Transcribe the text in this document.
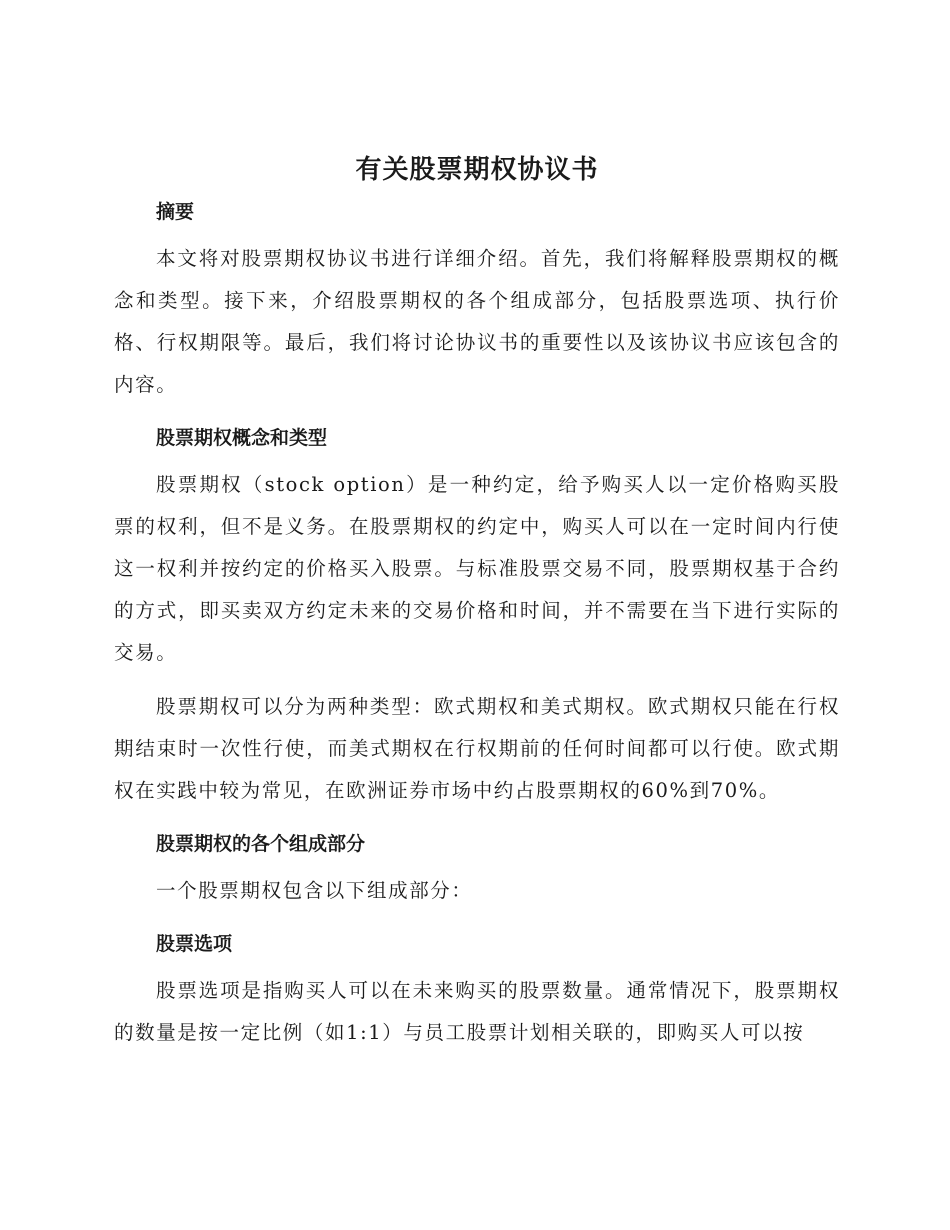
有关股票期权协议书
摘要

本文将对股票期权协议书进行详细介绍。首先，我们将解释股票期权的概念和类型。接下来，介绍股票期权的各个组成部分，包括股票选项、执行价格、行权期限等。最后，我们将讨论协议书的重要性以及该协议书应该包含的内容。

股票期权概念和类型

股票期权（stock option）是一种约定，给予购买人以一定价格购买股票的权利，但不是义务。在股票期权的约定中，购买人可以在一定时间内行使这一权利并按约定的价格买入股票。与标准股票交易不同，股票期权基于合约的方式，即买卖双方约定未来的交易价格和时间，并不需要在当下进行实际的交易。

股票期权可以分为两种类型：欧式期权和美式期权。欧式期权只能在行权期结束时一次性行使，而美式期权在行权期前的任何时间都可以行使。欧式期权在实践中较为常见，在欧洲证券市场中约占股票期权的60%到70%。

股票期权的各个组成部分

一个股票期权包含以下组成部分：

股票选项

股票选项是指购买人可以在未来购买的股票数量。通常情况下，股票期权的数量是按一定比例（如1:1）与员工股票计划相关联的，即购买人可以按
